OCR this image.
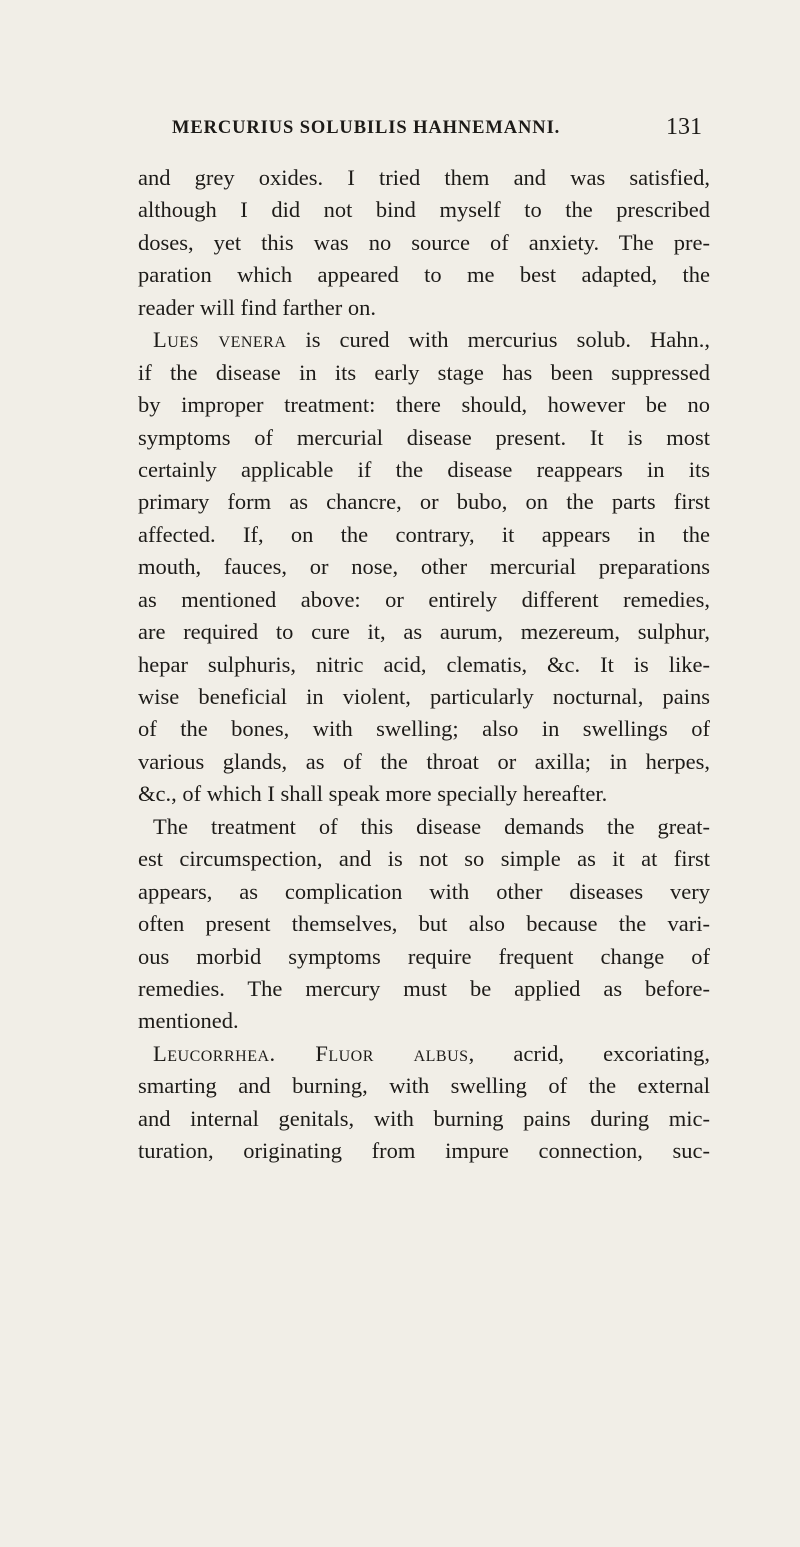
MERCURIUS SOLUBILIS HAHNEMANNI.	131
and grey oxides. I tried them and was satisfied,
although I did not bind myself to the prescribed
doses, yet this was no source of anxiety. The pre-
paration which appeared to me best adapted, the
reader will find farther on.
Lues venera is cured with mercurius solub. Hahn.,
if the disease in its early stage has been suppressed
by improper treatment: there should, however be no
symptoms of mercurial disease present. It is most
certainly applicable if the disease reappears in its
primary form as chancre, or bubo, on the parts first
affected. If, on the contrary, it appears in the
mouth, fauces, or nose, other mercurial preparations
as mentioned above: or entirely different remedies,
are required to cure it, as aurum, mezereum, sulphur,
hepar sulphuris, nitric acid, clematis, &c. It is like-
wise beneficial in violent, particularly nocturnal, pains
of the bones, with swelling; also in swellings of
various glands, as of the throat or axilla; in herpes,
&c., of which I shall speak more specially hereafter.
The treatment of this disease demands the great-
est circumspection, and is not so simple as it at first
appears, as complication with other diseases very
often present themselves, but also because the vari-
ous morbid symptoms require frequent change of
remedies. The mercury must be applied as before-
mentioned.
Leucorrhea. Fluor albus, acrid, excoriating,
smarting and burning, with swelling of the external
and internal genitals, with burning pains during mic-
turation, originating from impure connection, suc-
